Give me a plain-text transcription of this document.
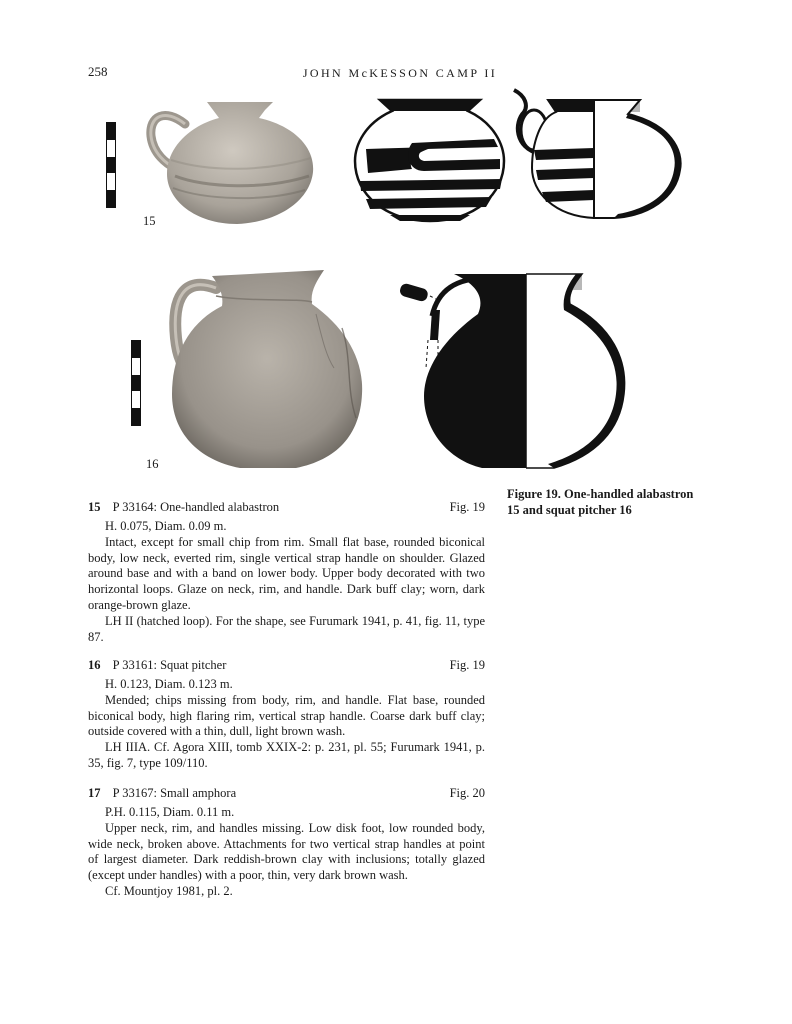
258	JOHN McKESSON CAMP II
15
16
Figure 19. One-handled alabastron 15 and squat pitcher 16
15 P 33164: One-handled alabastron	Fig. 19

H. 0.075, Diam. 0.09 m.

Intact, except for small chip from rim. Small flat base, rounded biconical body, low neck, everted rim, single vertical strap handle on shoulder. Glazed around base and with a band on lower body. Upper body decorated with two horizontal loops. Glaze on neck, rim, and handle. Dark buff clay; worn, dark orange-brown glaze.

LH II (hatched loop). For the shape, see Furumark 1941, p. 41, fig. 11, type 87.

16 P 33161: Squat pitcher	Fig. 19

H. 0.123, Diam. 0.123 m.

Mended; chips missing from body, rim, and handle. Flat base, rounded biconical body, high flaring rim, vertical strap handle. Coarse dark buff clay; outside covered with a thin, dull, light brown wash.

LH IIIA. Cf. Agora XIII, tomb XXIX-2: p. 231, pl. 55; Furumark 1941, p. 35, fig. 7, type 109/110.

17 P 33167: Small amphora	Fig. 20

P.H. 0.115, Diam. 0.11 m.

Upper neck, rim, and handles missing. Low disk foot, low rounded body, wide neck, broken above. Attachments for two vertical strap handles at point of largest diameter. Dark reddish-brown clay with inclusions; totally glazed (except under handles) with a poor, thin, very dark brown wash.

Cf. Mountjoy 1981, pl. 2.
